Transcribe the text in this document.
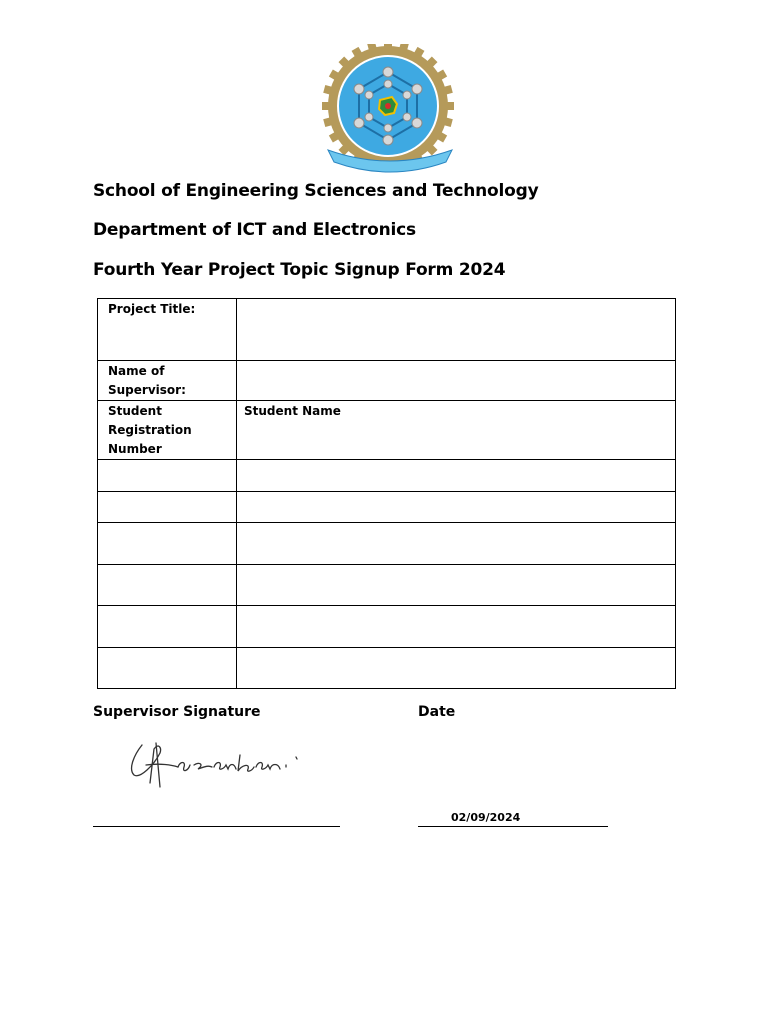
School of Engineering Sciences and Technology
Department of ICT and Electronics
Fourth Year Project Topic Signup Form 2024
Project Title:	
Name of Supervisor:	
Student Registration Number	Student Name

Supervisor Signature	Date
02/09/2024
